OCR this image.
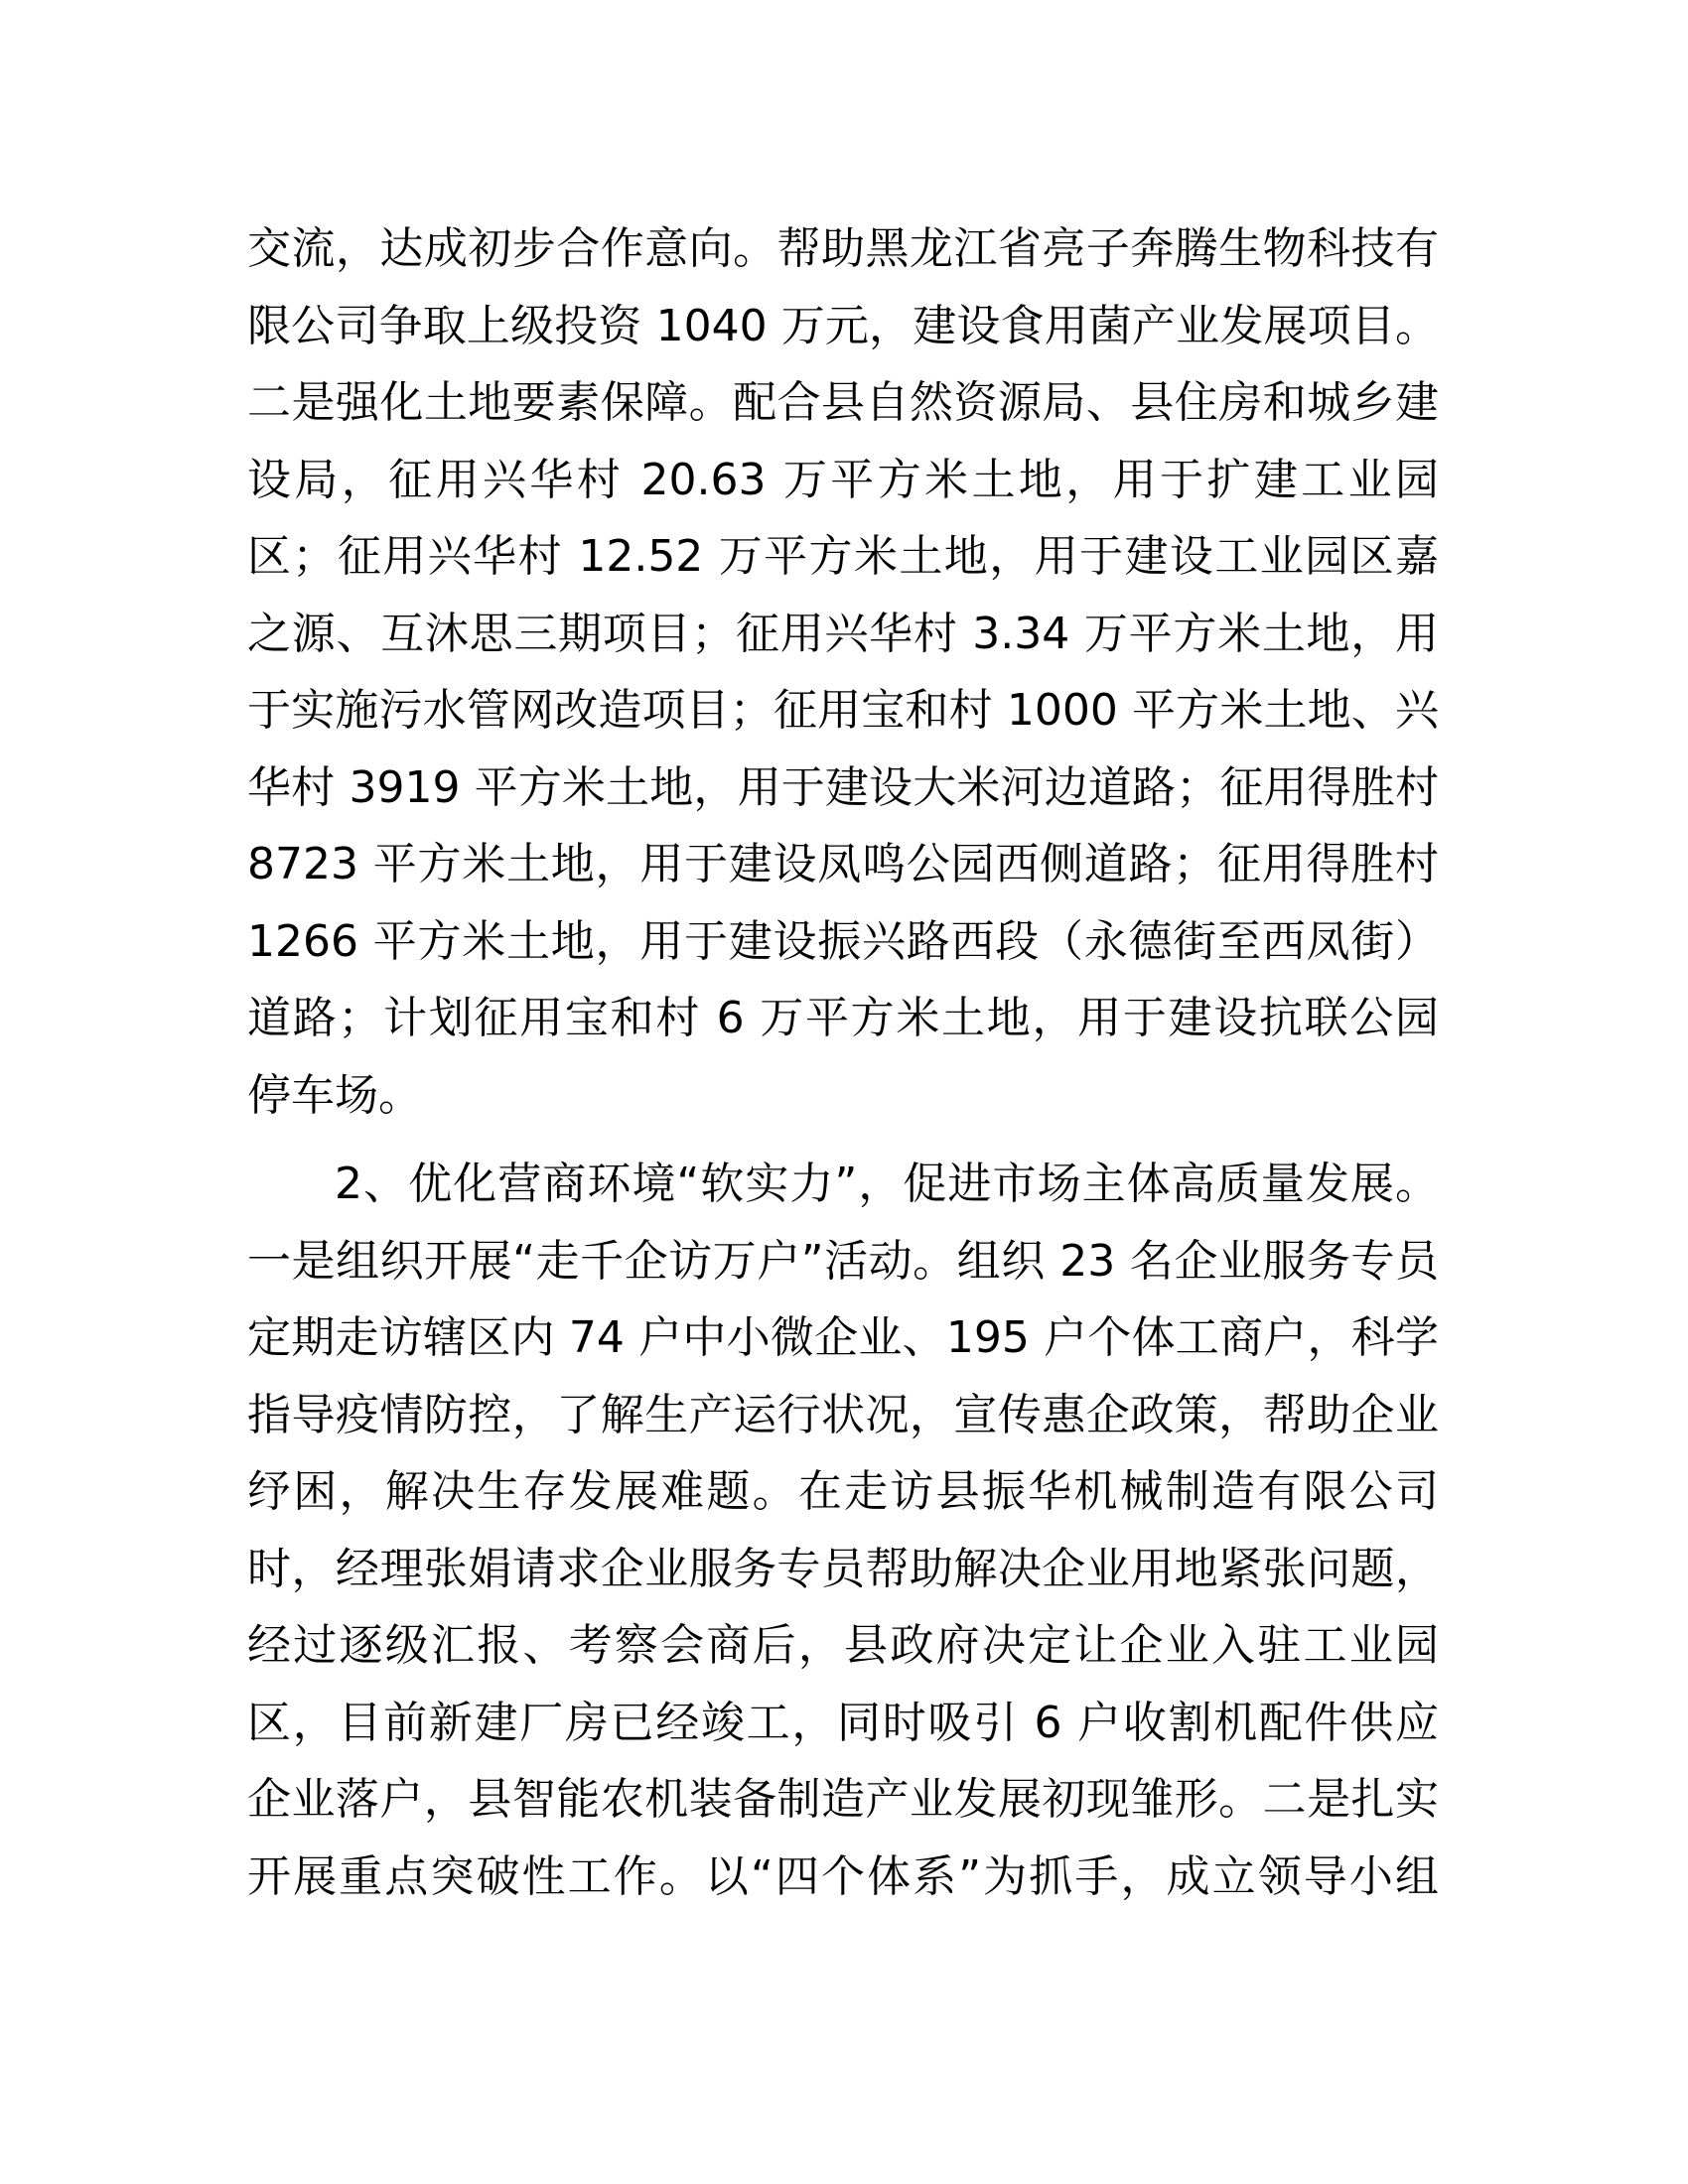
交流，达成初步合作意向。帮助黑龙江省亮子奔腾生物科技有
限公司争取上级投资 1040 万元，建设食用菌产业发展项目。
二是强化土地要素保障。配合县自然资源局、县住房和城乡建
设局，征用兴华村 20.63 万平方米土地，用于扩建工业园
区；征用兴华村 12.52 万平方米土地，用于建设工业园区嘉
之源、互沐思三期项目；征用兴华村 3.34 万平方米土地，用
于实施污水管网改造项目；征用宝和村 1000 平方米土地、兴
华村 3919 平方米土地，用于建设大米河边道路；征用得胜村
8723 平方米土地，用于建设凤鸣公园西侧道路；征用得胜村
1266 平方米土地，用于建设振兴路西段（永德街至西凤街）
道路；计划征用宝和村 6 万平方米土地，用于建设抗联公园
停车场。
2、优化营商环境“软实力”，促进市场主体高质量发展。
一是组织开展“走千企访万户”活动。组织 23 名企业服务专员
定期走访辖区内 74 户中小微企业、195 户个体工商户，科学
指导疫情防控，了解生产运行状况，宣传惠企政策，帮助企业
纾困，解决生存发展难题。在走访县振华机械制造有限公司
时，经理张娟请求企业服务专员帮助解决企业用地紧张问题，
经过逐级汇报、考察会商后，县政府决定让企业入驻工业园
区，目前新建厂房已经竣工，同时吸引 6 户收割机配件供应
企业落户，县智能农机装备制造产业发展初现雏形。二是扎实
开展重点突破性工作。以“四个体系”为抓手，成立领导小组
